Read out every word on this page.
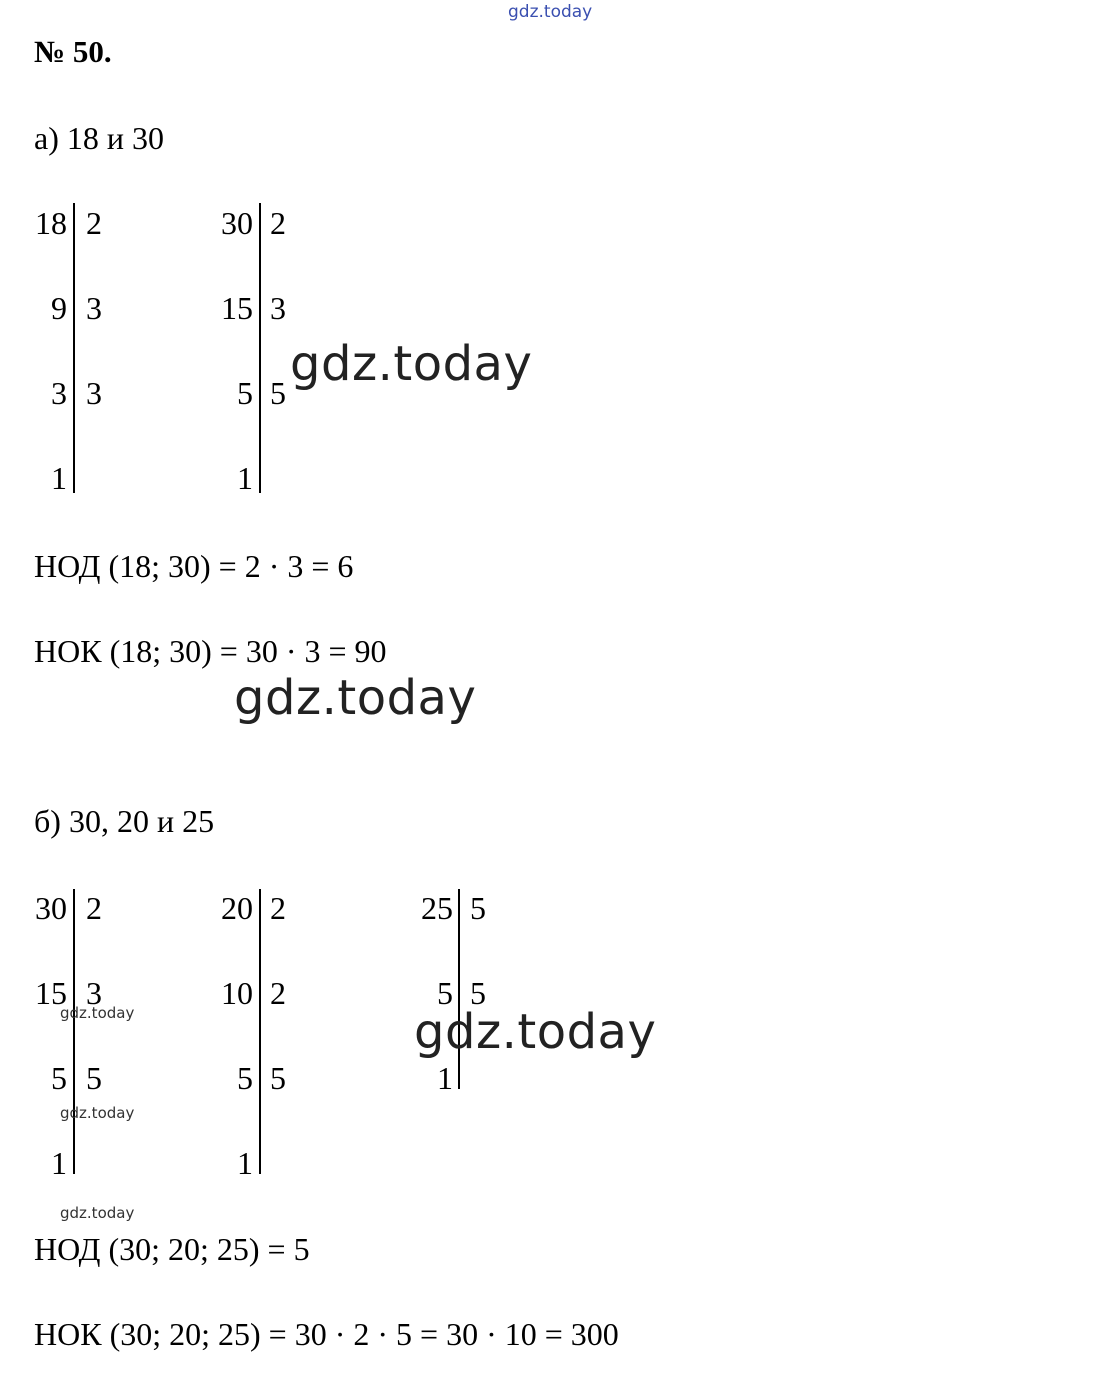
gdz.today
№ 50.
а) 18 и 30
18
9
3
1
2
3
3
30
15
5
1
2
3
5
gdz.today
НОД (18; 30) = 2 · 3 = 6
НОК (18; 30) = 30 · 3 = 90
gdz.today
б) 30, 20 и 25
30
15
5
1
2
3
5
20
10
5
1
2
2
5
25
5
1
5
5
gdz.today
gdz.today
gdz.today
gdz.today
НОД (30; 20; 25) = 5
НОК (30; 20; 25) = 30 · 2 · 5 = 30 · 10 = 300
